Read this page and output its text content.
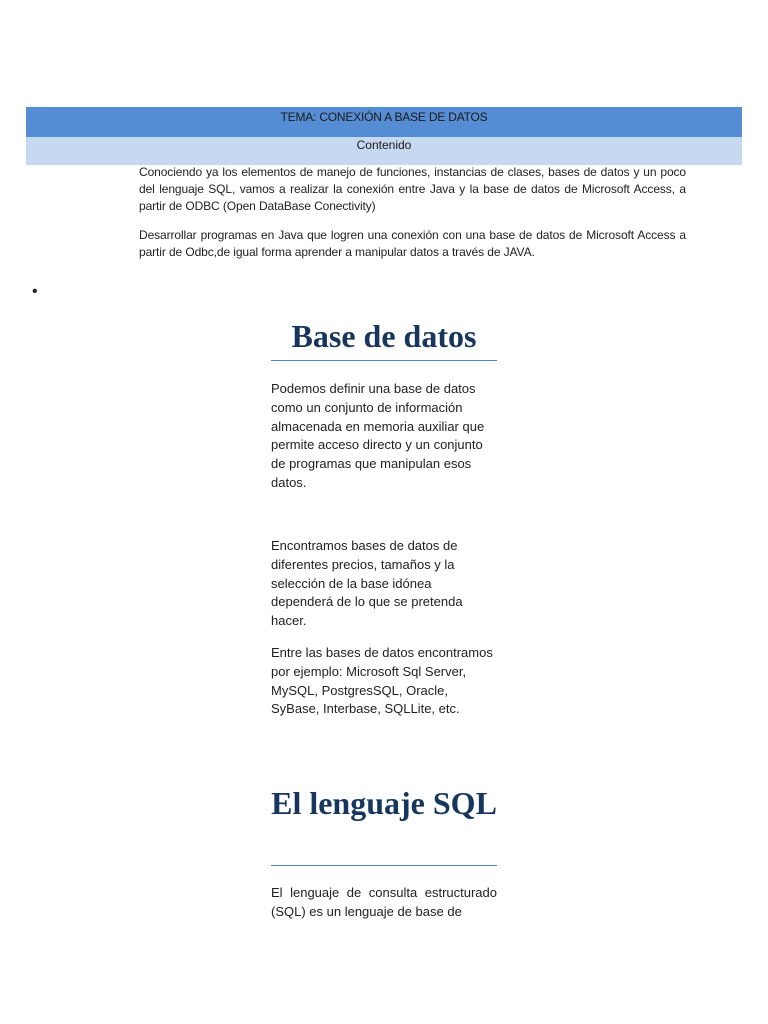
TEMA: CONEXIÓN A BASE DE DATOS
Contenido

Conociendo ya los elementos de manejo de funciones, instancias de clases, bases de datos y un poco del lenguaje SQL, vamos a realizar la conexión entre Java y la base de datos de Microsoft Access, a partir de ODBC (Open DataBase Conectivity)

Desarrollar programas en Java que logren una conexión con una base de datos de Microsoft Access a partir de Odbc,de igual forma aprender a manipular datos a través de JAVA.

•
Base de datos

Podemos definir una base de datos como un conjunto de información almacenada en memoria auxiliar que permite acceso directo y un conjunto de programas que manipulan esos datos.

Encontramos bases de datos de diferentes precios, tamaños y la selección de la base idónea dependerá de lo que se pretenda hacer.

Entre las bases de datos encontramos por ejemplo: Microsoft Sql Server, MySQL, PostgresSQL, Oracle, SyBase, Interbase, SQLLite, etc.

El lenguaje SQL

El lenguaje de consulta estructurado (SQL) es un lenguaje de base de
